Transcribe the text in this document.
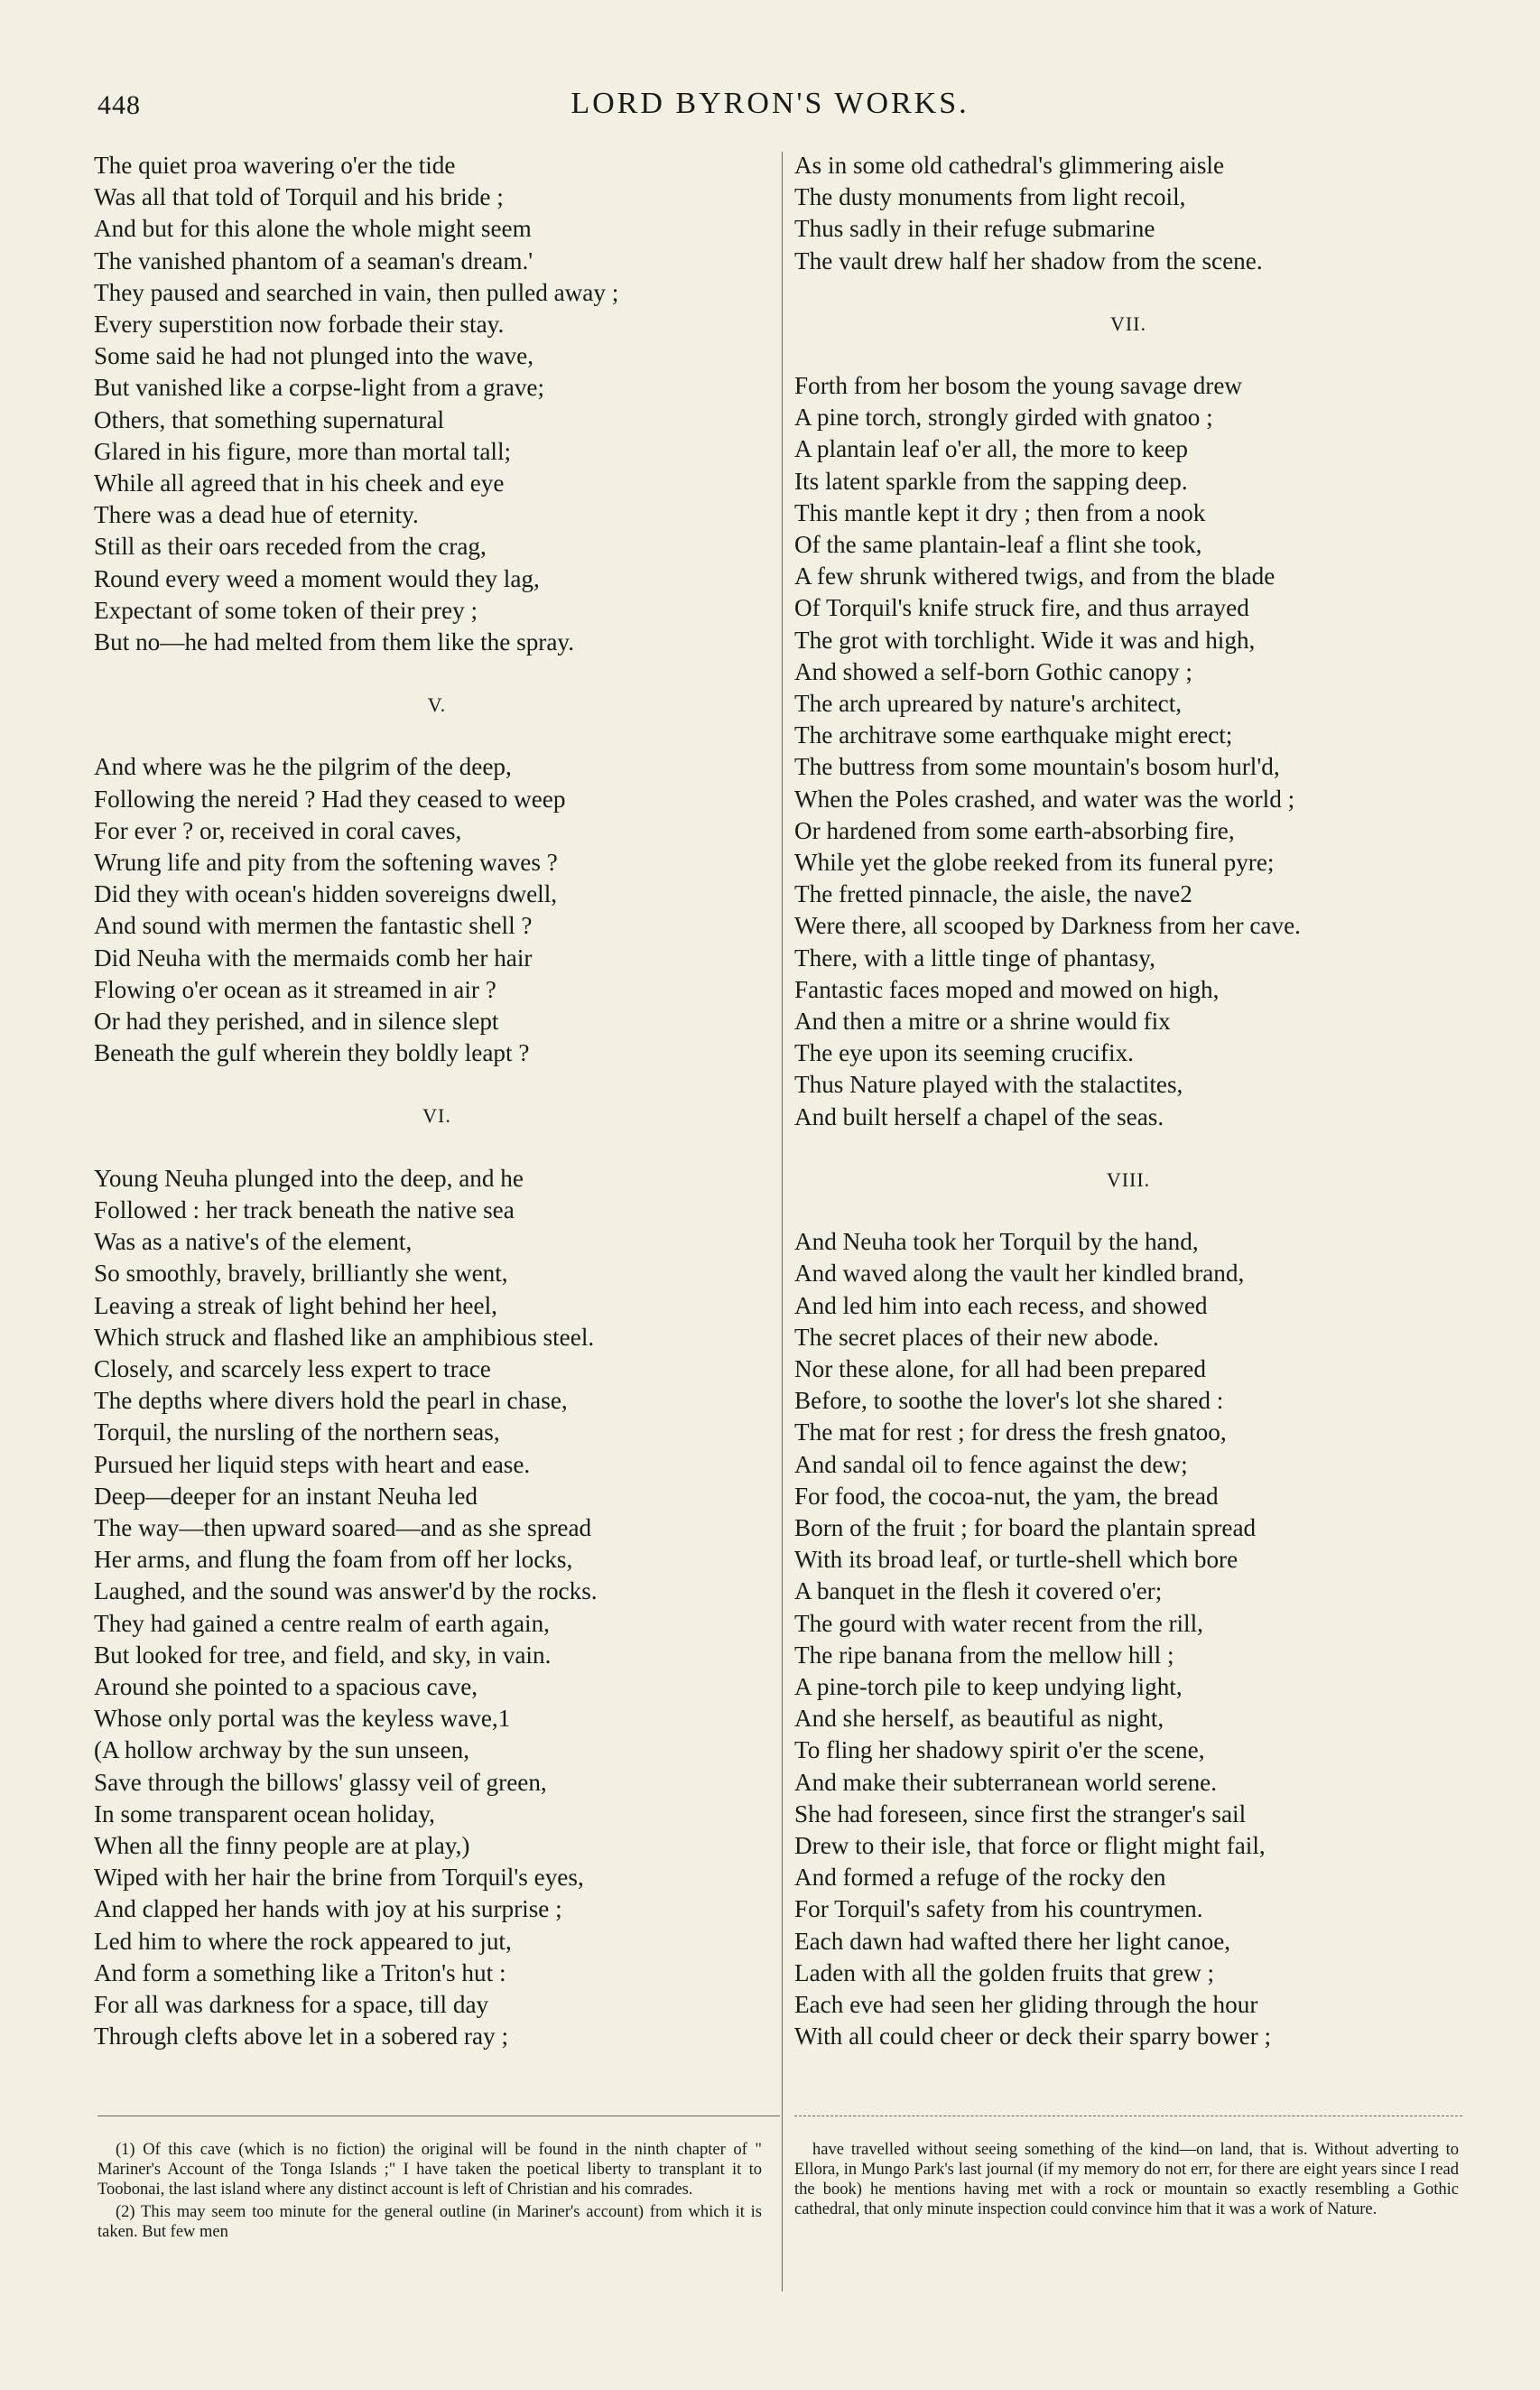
448	LORD BYRON'S WORKS.
The quiet proa wavering o'er the tide
Was all that told of Torquil and his bride ;
And but for this alone the whole might seem
The vanished phantom of a seaman's dream.'
They paused and searched in vain, then pulled away ;
Every superstition now forbade their stay.
Some said he had not plunged into the wave,
But vanished like a corpse-light from a grave;
Others, that something supernatural
Glared in his figure, more than mortal tall;
While all agreed that in his cheek and eye
There was a dead hue of eternity.
Still as their oars receded from the crag,
Round every weed a moment would they lag,
Expectant of some token of their prey ;
But no—he had melted from them like the spray.
V.
And where was he the pilgrim of the deep,
Following the nereid ? Had they ceased to weep
For ever ? or, received in coral caves,
Wrung life and pity from the softening waves ?
Did they with ocean's hidden sovereigns dwell,
And sound with mermen the fantastic shell ?
Did Neuha with the mermaids comb her hair
Flowing o'er ocean as it streamed in air ?
Or had they perished, and in silence slept
Beneath the gulf wherein they boldly leapt ?
VI.
Young Neuha plunged into the deep, and he
Followed : her track beneath the native sea
Was as a native's of the element,
So smoothly, bravely, brilliantly she went,
Leaving a streak of light behind her heel,
Which struck and flashed like an amphibious steel.
Closely, and scarcely less expert to trace
The depths where divers hold the pearl in chase,
Torquil, the nursling of the northern seas,
Pursued her liquid steps with heart and ease.
Deep—deeper for an instant Neuha led
The way—then upward soared—and as she spread
Her arms, and flung the foam from off her locks,
Laughed, and the sound was answer'd by the rocks.
They had gained a centre realm of earth again,
But looked for tree, and field, and sky, in vain.
Around she pointed to a spacious cave,
Whose only portal was the keyless wave,1
(A hollow archway by the sun unseen,
Save through the billows' glassy veil of green,
In some transparent ocean holiday,
When all the finny people are at play,)
Wiped with her hair the brine from Torquil's eyes,
And clapped her hands with joy at his surprise ;
Led him to where the rock appeared to jut,
And form a something like a Triton's hut :
For all was darkness for a space, till day
Through clefts above let in a sobered ray ;
As in some old cathedral's glimmering aisle
The dusty monuments from light recoil,
Thus sadly in their refuge submarine
The vault drew half her shadow from the scene.
VII.
Forth from her bosom the young savage drew
A pine torch, strongly girded with gnatoo ;
A plantain leaf o'er all, the more to keep
Its latent sparkle from the sapping deep.
This mantle kept it dry ; then from a nook
Of the same plantain-leaf a flint she took,
A few shrunk withered twigs, and from the blade
Of Torquil's knife struck fire, and thus arrayed
The grot with torchlight. Wide it was and high,
And showed a self-born Gothic canopy ;
The arch upreared by nature's architect,
The architrave some earthquake might erect;
The buttress from some mountain's bosom hurl'd,
When the Poles crashed, and water was the world ;
Or hardened from some earth-absorbing fire,
While yet the globe reeked from its funeral pyre;
The fretted pinnacle, the aisle, the nave2
Were there, all scooped by Darkness from her cave.
There, with a little tinge of phantasy,
Fantastic faces moped and mowed on high,
And then a mitre or a shrine would fix
The eye upon its seeming crucifix.
Thus Nature played with the stalactites,
And built herself a chapel of the seas.
VIII.
And Neuha took her Torquil by the hand,
And waved along the vault her kindled brand,
And led him into each recess, and showed
The secret places of their new abode.
Nor these alone, for all had been prepared
Before, to soothe the lover's lot she shared :
The mat for rest ; for dress the fresh gnatoo,
And sandal oil to fence against the dew;
For food, the cocoa-nut, the yam, the bread
Born of the fruit ; for board the plantain spread
With its broad leaf, or turtle-shell which bore
A banquet in the flesh it covered o'er;
The gourd with water recent from the rill,
The ripe banana from the mellow hill ;
A pine-torch pile to keep undying light,
And she herself, as beautiful as night,
To fling her shadowy spirit o'er the scene,
And make their subterranean world serene.
She had foreseen, since first the stranger's sail
Drew to their isle, that force or flight might fail,
And formed a refuge of the rocky den
For Torquil's safety from his countrymen.
Each dawn had wafted there her light canoe,
Laden with all the golden fruits that grew ;
Each eve had seen her gliding through the hour
With all could cheer or deck their sparry bower ;
(1) Of this cave (which is no fiction) the original will be found in the ninth chapter of " Mariner's Account of the Tonga Islands ;" I have taken the poetical liberty to transplant it to Toobonai, the last island where any distinct account is left of Christian and his comrades.
(2) This may seem too minute for the general outline (in Mariner's account) from which it is taken. But few men
have travelled without seeing something of the kind—on land, that is. Without adverting to Ellora, in Mungo Park's last journal (if my memory do not err, for there are eight years since I read the book) he mentions having met with a rock or mountain so exactly resembling a Gothic cathedral, that only minute inspection could convince him that it was a work of Nature.
